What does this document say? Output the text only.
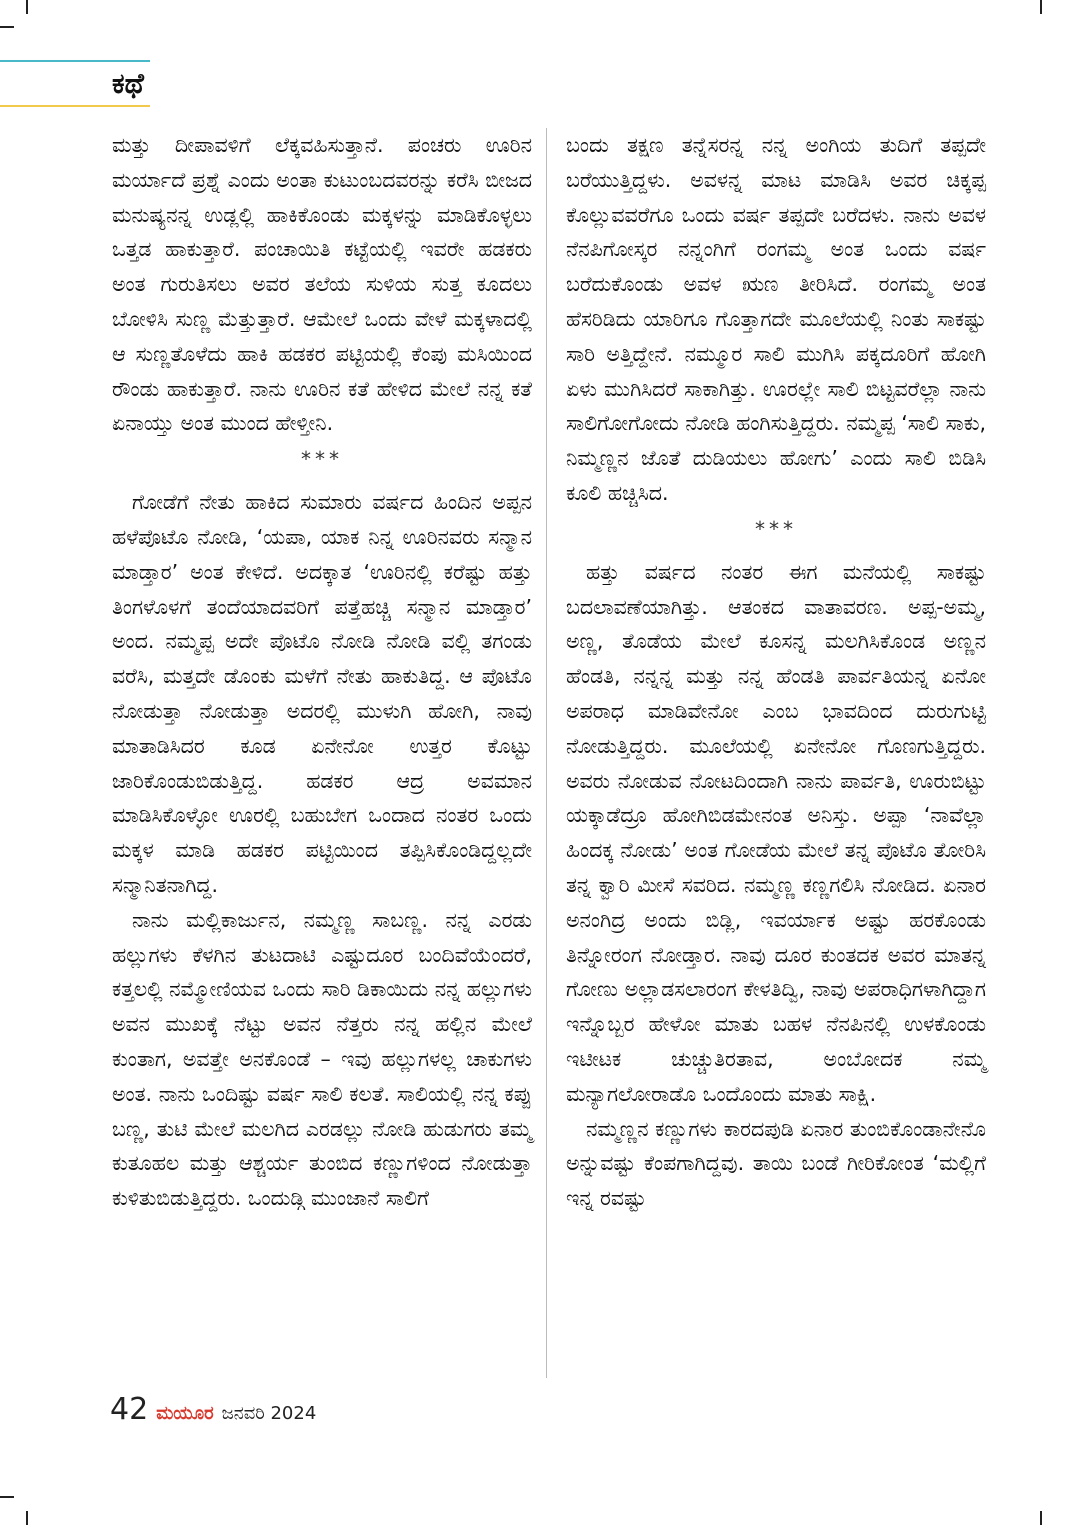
ಕಥೆ

ಮತ್ತು ದೀಪಾವಳಿಗೆ ಲೆಕ್ಕವಹಿಸುತ್ತಾನೆ. ಪಂಚರು ಊರಿನ ಮರ್ಯಾದೆ ಪ್ರಶ್ನೆ ಎಂದು ಅಂತಾ ಕುಟುಂಬದವರನ್ನು ಕರೆಸಿ ಬೀಜದ ಮನುಷ್ಯನನ್ನ ಉಡ್ಲಲ್ಲಿ ಹಾಕಿಕೊಂಡು ಮಕ್ಕಳನ್ನು ಮಾಡಿಕೊಳ್ಳಲು ಒತ್ತಡ ಹಾಕುತ್ತಾರೆ. ಪಂಚಾಯಿತಿ ಕಟ್ಟೆಯಲ್ಲಿ ಇವರೇ ಹಡಕರು ಅಂತ ಗುರುತಿಸಲು ಅವರ ತಲೆಯ ಸುಳಿಯ ಸುತ್ತ ಕೂದಲು ಬೋಳಿಸಿ ಸುಣ್ಣ ಮೆತ್ತುತ್ತಾರೆ. ಆಮೇಲೆ ಒಂದು ವೇಳೆ ಮಕ್ಕಳಾದಲ್ಲಿ ಆ ಸುಣ್ಣತೊಳೆದು ಹಾಕಿ ಹಡಕರ ಪಟ್ಟಿಯಲ್ಲಿ ಕೆಂಪು ಮಸಿಯಿಂದ ರೌಂಡು ಹಾಕುತ್ತಾರೆ. ನಾನು ಊರಿನ ಕತೆ ಹೇಳಿದ ಮೇಲೆ ನನ್ನ ಕತೆ ಏನಾಯ್ತು ಅಂತ ಮುಂದ ಹೇಳ್ತೀನಿ.

***

ಗೋಡೆಗೆ ನೇತು ಹಾಕಿದ ಸುಮಾರು ವರ್ಷದ ಹಿಂದಿನ ಅಪ್ಪನ ಹಳೆಪೊಟೊ ನೋಡಿ, ‘ಯಪಾ, ಯಾಕ ನಿನ್ನ ಊರಿನವರು ಸನ್ಮಾನ ಮಾಡ್ತಾರ’ ಅಂತ ಕೇಳಿದೆ. ಅದಕ್ಕಾತ ‘ಊರಿನಲ್ಲಿ ಕರೆಷ್ಟು ಹತ್ತು ತಿಂಗಳೊಳಗೆ ತಂದೆಯಾದವರಿಗೆ ಪತ್ತೆಹಚ್ಚಿ ಸನ್ಮಾನ ಮಾಡ್ತಾರ’ ಅಂದ. ನಮ್ಮಪ್ಪ ಅದೇ ಪೊಟೊ ನೋಡಿ ನೋಡಿ ವಲ್ಲಿ ತಗಂಡು ವರೆಸಿ, ಮತ್ತದೇ ಡೊಂಕು ಮಳೆಗೆ ನೇತು ಹಾಕುತಿದ್ದ. ಆ ಪೊಟೊ ನೋಡುತ್ತಾ ನೋಡುತ್ತಾ ಅದರಲ್ಲಿ ಮುಳುಗಿ ಹೋಗಿ, ನಾವು ಮಾತಾಡಿಸಿದರ ಕೂಡ ಏನೇನೋ ಉತ್ತರ ಕೊಟ್ಟು ಜಾರಿಕೊಂಡುಬಿಡುತ್ತಿದ್ದ. ಹಡಕರ ಆದ್ರ ಅವಮಾನ ಮಾಡಿಸಿಕೊಳ್ಳೋ ಊರಲ್ಲಿ ಬಹುಬೇಗ ಒಂದಾದ ನಂತರ ಒಂದು ಮಕ್ಕಳ ಮಾಡಿ ಹಡಕರ ಪಟ್ಟಿಯಿಂದ ತಪ್ಪಿಸಿಕೊಂಡಿದ್ದಲ್ಲದೇ ಸನ್ಮಾನಿತನಾಗಿದ್ದ.

ನಾನು ಮಲ್ಲಿಕಾರ್ಜುನ, ನಮ್ಮಣ್ಣ ಸಾಬಣ್ಣ. ನನ್ನ ಎರಡು ಹಲ್ಲುಗಳು ಕೆಳಗಿನ ತುಟದಾಟಿ ಎಷ್ಟುದೂರ ಬಂದಿವೆಯೆಂದರೆ, ಕತ್ತಲಲ್ಲಿ ನಮ್ಮೋಣಿಯವ ಒಂದು ಸಾರಿ ಡಿಕಾಯಿದು ನನ್ನ ಹಲ್ಲುಗಳು ಅವನ ಮುಖಕ್ಕೆ ನೆಟ್ಟು ಅವನ ನೆತ್ತರು ನನ್ನ ಹಲ್ಲಿನ ಮೇಲೆ ಕುಂತಾಗ, ಅವತ್ತೇ ಅನಕೊಂಡೆ – ಇವು ಹಲ್ಲುಗಳಲ್ಲ ಚಾಕುಗಳು ಅಂತ. ನಾನು ಒಂದಿಷ್ಟು ವರ್ಷ ಸಾಲಿ ಕಲತೆ. ಸಾಲಿಯಲ್ಲಿ ನನ್ನ ಕಪ್ಪು ಬಣ್ಣ, ತುಟಿ ಮೇಲೆ ಮಲಗಿದ ಎರಡಲ್ಲು ನೋಡಿ ಹುಡುಗರು ತಮ್ಮ ಕುತೂಹಲ ಮತ್ತು ಆಶ್ಚರ್ಯ ತುಂಬಿದ ಕಣ್ಣುಗಳಿಂದ ನೋಡುತ್ತಾ ಕುಳಿತುಬಿಡುತ್ತಿದ್ದರು. ಒಂದುಡ್ಗಿ ಮುಂಜಾನೆ ಸಾಲಿಗೆ

ಬಂದು ತಕ್ಷಣ ತನ್ನೆಸರನ್ನ ನನ್ನ ಅಂಗಿಯ ತುದಿಗೆ ತಪ್ಪದೇ ಬರೆಯುತ್ತಿದ್ದಳು. ಅವಳನ್ನ ಮಾಟ ಮಾಡಿಸಿ ಅವರ ಚಿಕ್ಕಪ್ಪ ಕೊಲ್ಲುವವರೆಗೂ ಒಂದು ವರ್ಷ ತಪ್ಪದೇ ಬರೆದಳು. ನಾನು ಅವಳ ನೆನಪಿಗೋಸ್ಕರ ನನ್ನಂಗಿಗೆ ರಂಗಮ್ಮ ಅಂತ ಒಂದು ವರ್ಷ ಬರೆದುಕೊಂಡು ಅವಳ ಋಣ ತೀರಿಸಿದೆ. ರಂಗಮ್ಮ ಅಂತ ಹೆಸರಿಡಿದು ಯಾರಿಗೂ ಗೊತ್ತಾಗದೇ ಮೂಲೆಯಲ್ಲಿ ನಿಂತು ಸಾಕಷ್ಟು ಸಾರಿ ಅತ್ತಿದ್ದೇನೆ. ನಮ್ಮೂರ ಸಾಲಿ ಮುಗಿಸಿ ಪಕ್ಕದೂರಿಗೆ ಹೋಗಿ ಏಳು ಮುಗಿಸಿದರೆ ಸಾಕಾಗಿತ್ತು. ಊರಲ್ಲೇ ಸಾಲಿ ಬಿಟ್ಟವರೆಲ್ಲಾ ನಾನು ಸಾಲಿಗೋಗೋದು ನೋಡಿ ಹಂಗಿಸುತ್ತಿದ್ದರು. ನಮ್ಮಪ್ಪ ‘ಸಾಲಿ ಸಾಕು, ನಿಮ್ಮಣ್ಣನ ಜೊತೆ ದುಡಿಯಲು ಹೋಗು’ ಎಂದು ಸಾಲಿ ಬಿಡಿಸಿ ಕೂಲಿ ಹಚ್ಚಿಸಿದ.

***

ಹತ್ತು ವರ್ಷದ ನಂತರ ಈಗ ಮನೆಯಲ್ಲಿ ಸಾಕಷ್ಟು ಬದಲಾವಣೆಯಾಗಿತ್ತು. ಆತಂಕದ ವಾತಾವರಣ. ಅಪ್ಪ-ಅಮ್ಮ, ಅಣ್ಣ, ತೊಡೆಯ ಮೇಲೆ ಕೂಸನ್ನ ಮಲಗಿಸಿಕೊಂಡ ಅಣ್ಣನ ಹೆಂಡತಿ, ನನ್ನನ್ನ ಮತ್ತು ನನ್ನ ಹೆಂಡತಿ ಪಾರ್ವತಿಯನ್ನ ಏನೋ ಅಪರಾಧ ಮಾಡಿವೇನೋ ಎಂಬ ಭಾವದಿಂದ ದುರುಗುಟ್ಟಿ ನೋಡುತ್ತಿದ್ದರು. ಮೂಲೆಯಲ್ಲಿ ಏನೇನೋ ಗೊಣಗುತ್ತಿದ್ದರು. ಅವರು ನೋಡುವ ನೋಟದಿಂದಾಗಿ ನಾನು ಪಾರ್ವತಿ, ಊರುಬಿಟ್ಟು ಯಕ್ಕಾಡೆದ್ರೂ ಹೋಗಿಬಿಡಮೇನಂತ ಅನಿಸ್ತು. ಅಪ್ಪಾ ‘ನಾವೆಲ್ಲಾ ಹಿಂದಕ್ಕ ನೋಡು’ ಅಂತ ಗೋಡೆಯ ಮೇಲೆ ತನ್ನ ಪೊಟೊ ತೋರಿಸಿ ತನ್ನ ಕ್ವಾರಿ ಮೀಸೆ ಸವರಿದ. ನಮ್ಮಣ್ಣ ಕಣ್ಣಗಲಿಸಿ ನೋಡಿದ. ಏನಾರ ಅನಂಗಿದ್ರ ಅಂದು ಬಿಡ್ಲಿ, ಇವರ್ಯಾಕ ಅಷ್ಟು ಹರಕೊಂಡು ತಿನ್ನೋರಂಗ ನೋಡ್ತಾರ. ನಾವು ದೂರ ಕುಂತದಕ ಅವರ ಮಾತನ್ನ ಗೋಣು ಅಲ್ಲಾಡಸಲಾರಂಗ ಕೇಳತಿದ್ವಿ, ನಾವು ಅಪರಾಧಿಗಳಾಗಿದ್ದಾಗ ಇನ್ನೊಬ್ಬರ ಹೇಳೋ ಮಾತು ಬಹಳ ನೆನಪಿನಲ್ಲಿ ಉಳಕೊಂಡು ಇಟೀಟಕ ಚುಚ್ಚುತಿರತಾವ, ಅಂಬೋದಕ ನಮ್ಮ ಮನ್ಯಾಗಲೋರಾಡೊ ಒಂದೊಂದು ಮಾತು ಸಾಕ್ಷಿ.

ನಮ್ಮಣ್ಣನ ಕಣ್ಣುಗಳು ಕಾರದಪುಡಿ ಏನಾರ ತುಂಬಿಕೊಂಡಾನೇನೊ ಅನ್ನುವಷ್ಟು ಕೆಂಪಗಾಗಿದ್ದವು. ತಾಯಿ ಬಂಡೆ ಗೀರಿಕೋಂತ ‘ಮಲ್ಲಿಗೆ ಇನ್ನ ರವಷ್ಟು

42 ಮಯೂರ ಜನವರಿ 2024
